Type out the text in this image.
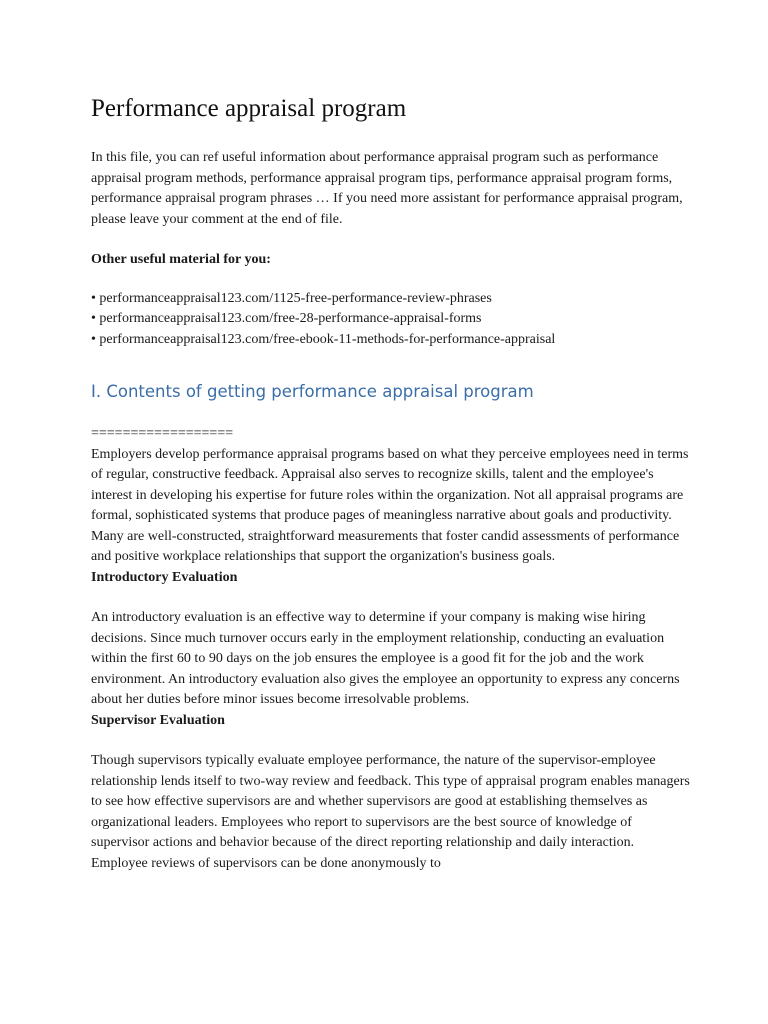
Performance appraisal program

In this file, you can ref useful information about performance appraisal program such as performance appraisal program methods, performance appraisal program tips, performance appraisal program forms, performance appraisal program phrases … If you need more assistant for performance appraisal program, please leave your comment at the end of file.

Other useful material for you:

• performanceappraisal123.com/1125-free-performance-review-phrases
• performanceappraisal123.com/free-28-performance-appraisal-forms
• performanceappraisal123.com/free-ebook-11-methods-for-performance-appraisal
I. Contents of getting performance appraisal program

==================

Employers develop performance appraisal programs based on what they perceive employees need in terms of regular, constructive feedback. Appraisal also serves to recognize skills, talent and the employee's interest in developing his expertise for future roles within the organization. Not all appraisal programs are formal, sophisticated systems that produce pages of meaningless narrative about goals and productivity. Many are well-constructed, straightforward measurements that foster candid assessments of performance and positive workplace relationships that support the organization's business goals.

Introductory Evaluation

An introductory evaluation is an effective way to determine if your company is making wise hiring decisions. Since much turnover occurs early in the employment relationship, conducting an evaluation within the first 60 to 90 days on the job ensures the employee is a good fit for the job and the work environment. An introductory evaluation also gives the employee an opportunity to express any concerns about her duties before minor issues become irresolvable problems.

Supervisor Evaluation

Though supervisors typically evaluate employee performance, the nature of the supervisor-employee relationship lends itself to two-way review and feedback. This type of appraisal program enables managers to see how effective supervisors are and whether supervisors are good at establishing themselves as organizational leaders. Employees who report to supervisors are the best source of knowledge of supervisor actions and behavior because of the direct reporting relationship and daily interaction. Employee reviews of supervisors can be done anonymously to
